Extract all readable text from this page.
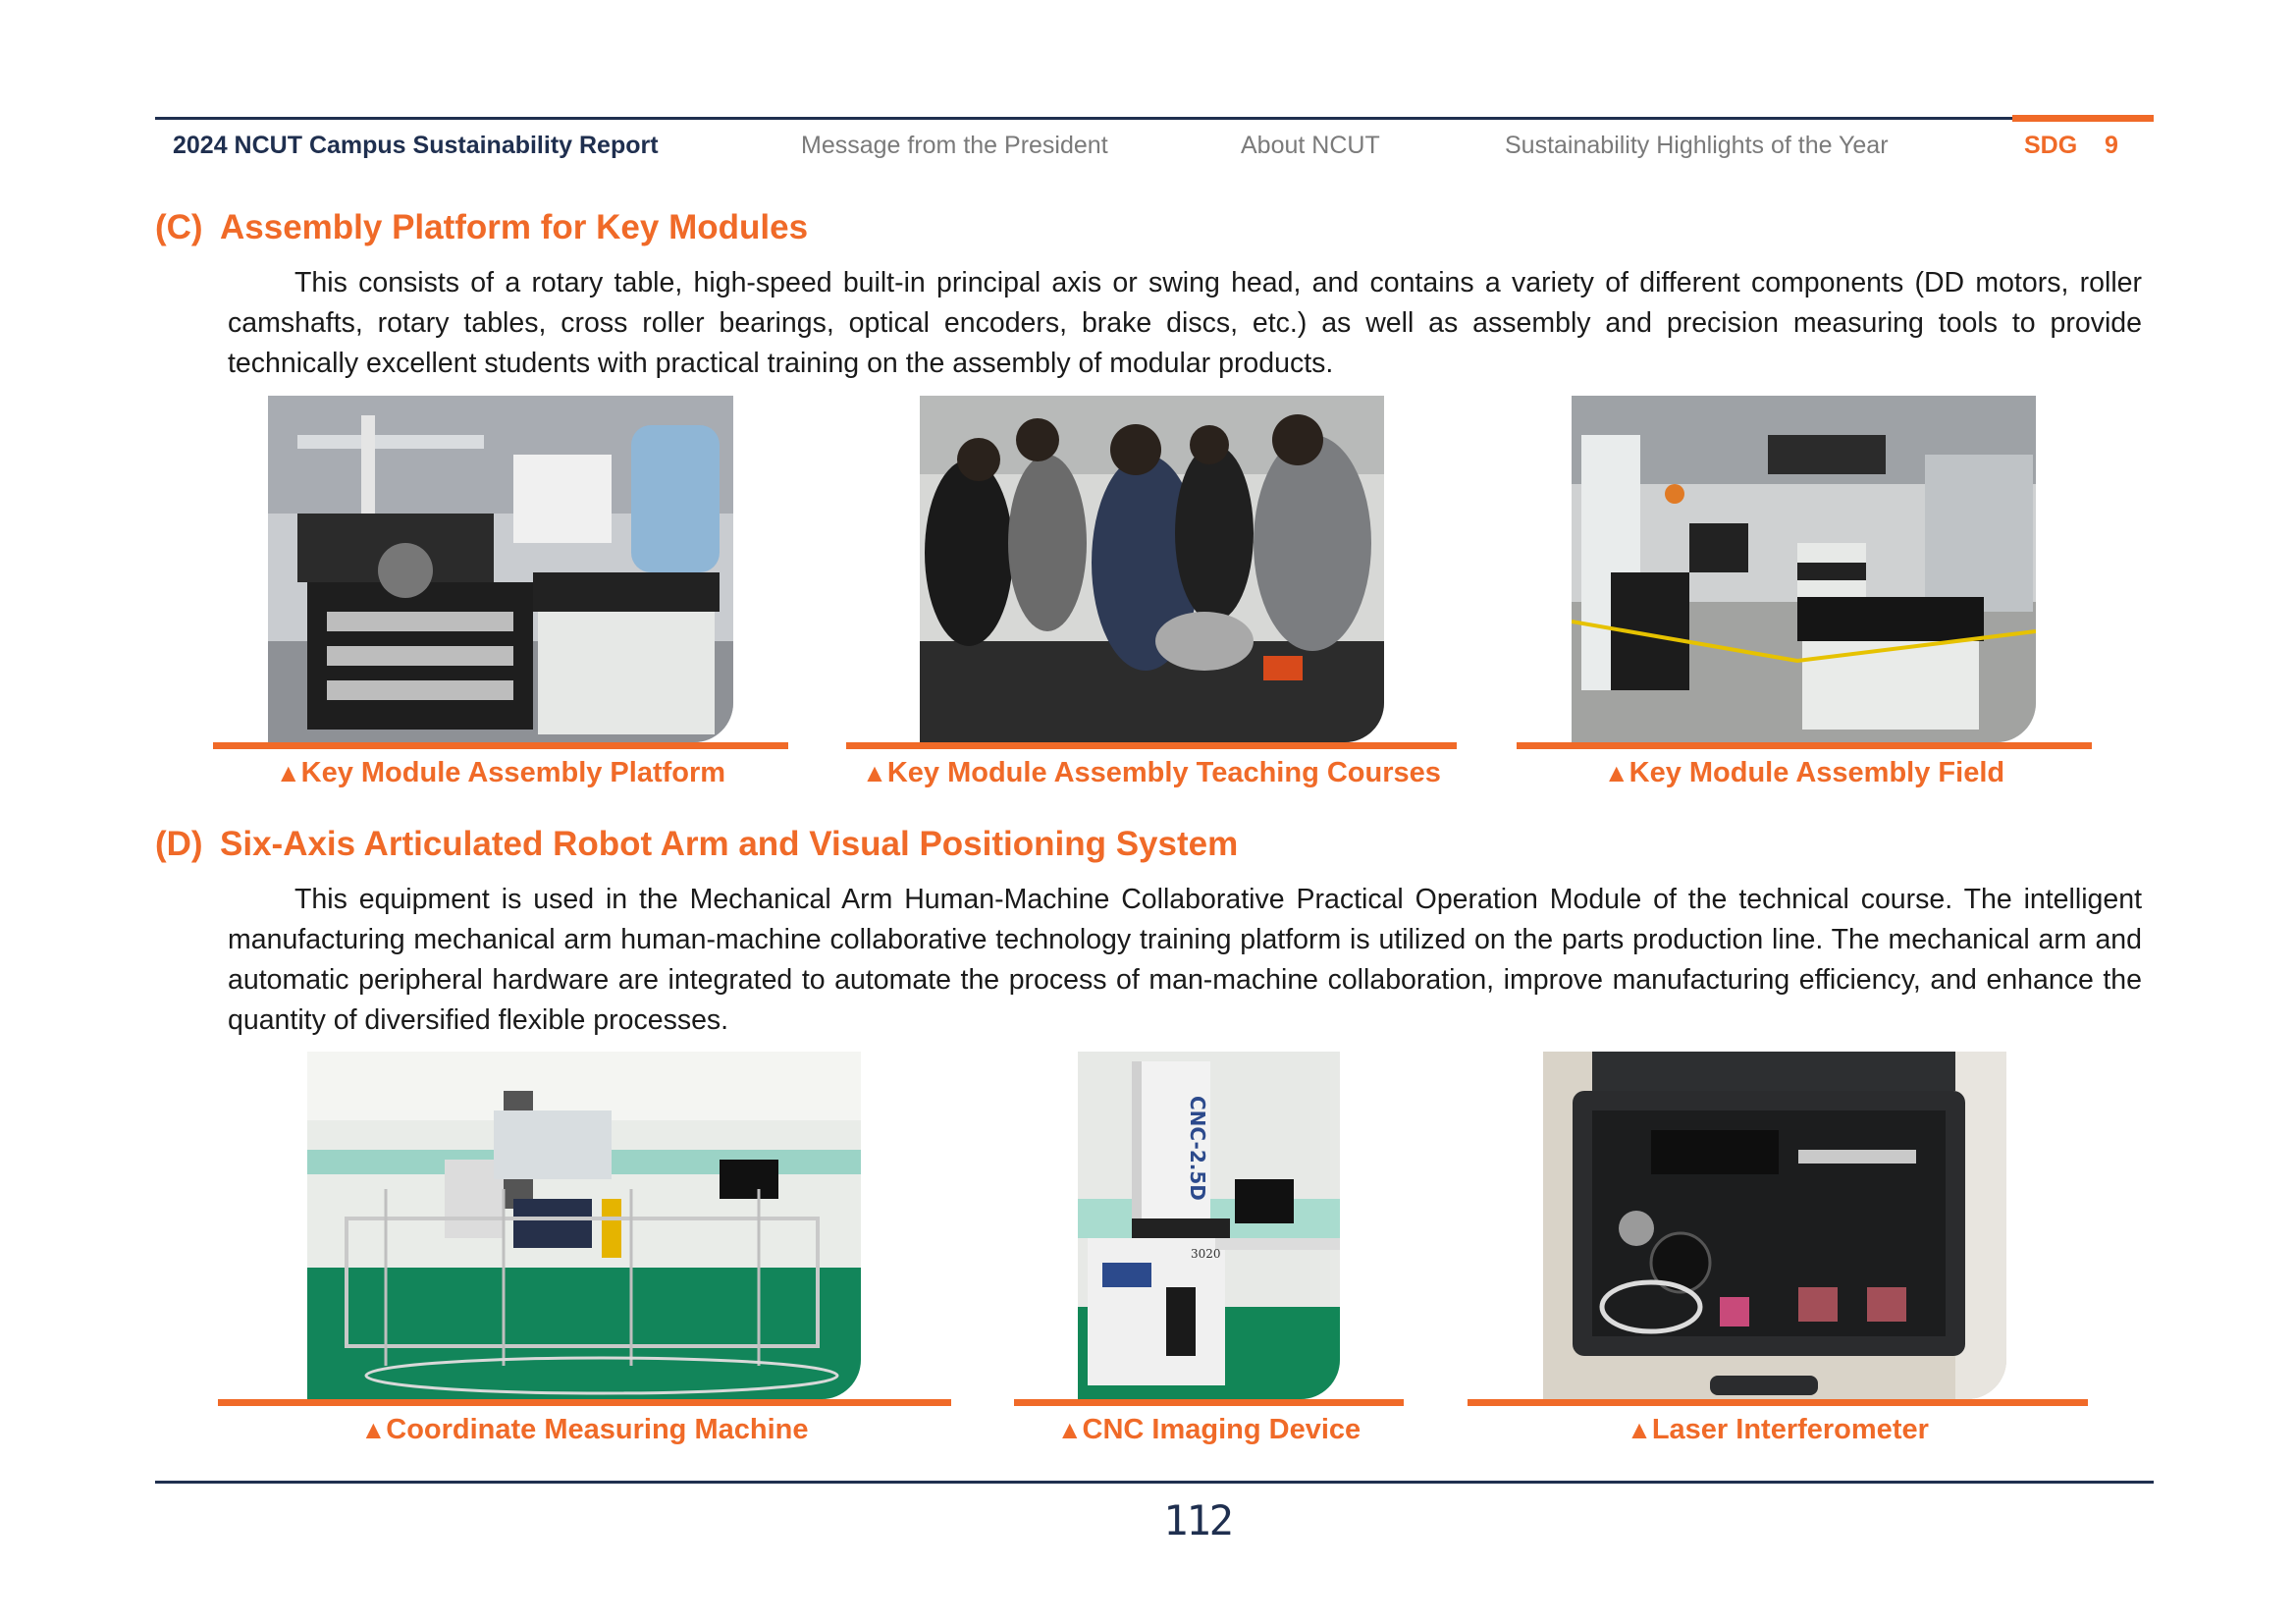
2024 NCUT Campus Sustainability Report	Message from the President	About NCUT	Sustainability Highlights of the Year	SDG 9
(C) Assembly Platform for Key Modules

This consists of a rotary table, high-speed built-in principal axis or swing head, and contains a variety of different components (DD motors, roller camshafts, rotary tables, cross roller bearings, optical encoders, brake discs, etc.) as well as assembly and precision measuring tools to provide technically excellent students with practical training on the assembly of modular products.

▲Key Module Assembly Platform	▲Key Module Assembly Teaching Courses	▲Key Module Assembly Field
(D) Six-Axis Articulated Robot Arm and Visual Positioning System

This equipment is used in the Mechanical Arm Human-Machine Collaborative Practical Operation Module of the technical course. The intelligent manufacturing mechanical arm human-machine collaborative technology training platform is utilized on the parts production line. The mechanical arm and automatic peripheral hardware are integrated to automate the process of man-machine collaboration, improve manufacturing efficiency, and enhance the quantity of diversified flexible processes.

▲Coordinate Measuring Machine
CNC-2.5D
3020
▲CNC Imaging Device	▲Laser Interferometer
112
